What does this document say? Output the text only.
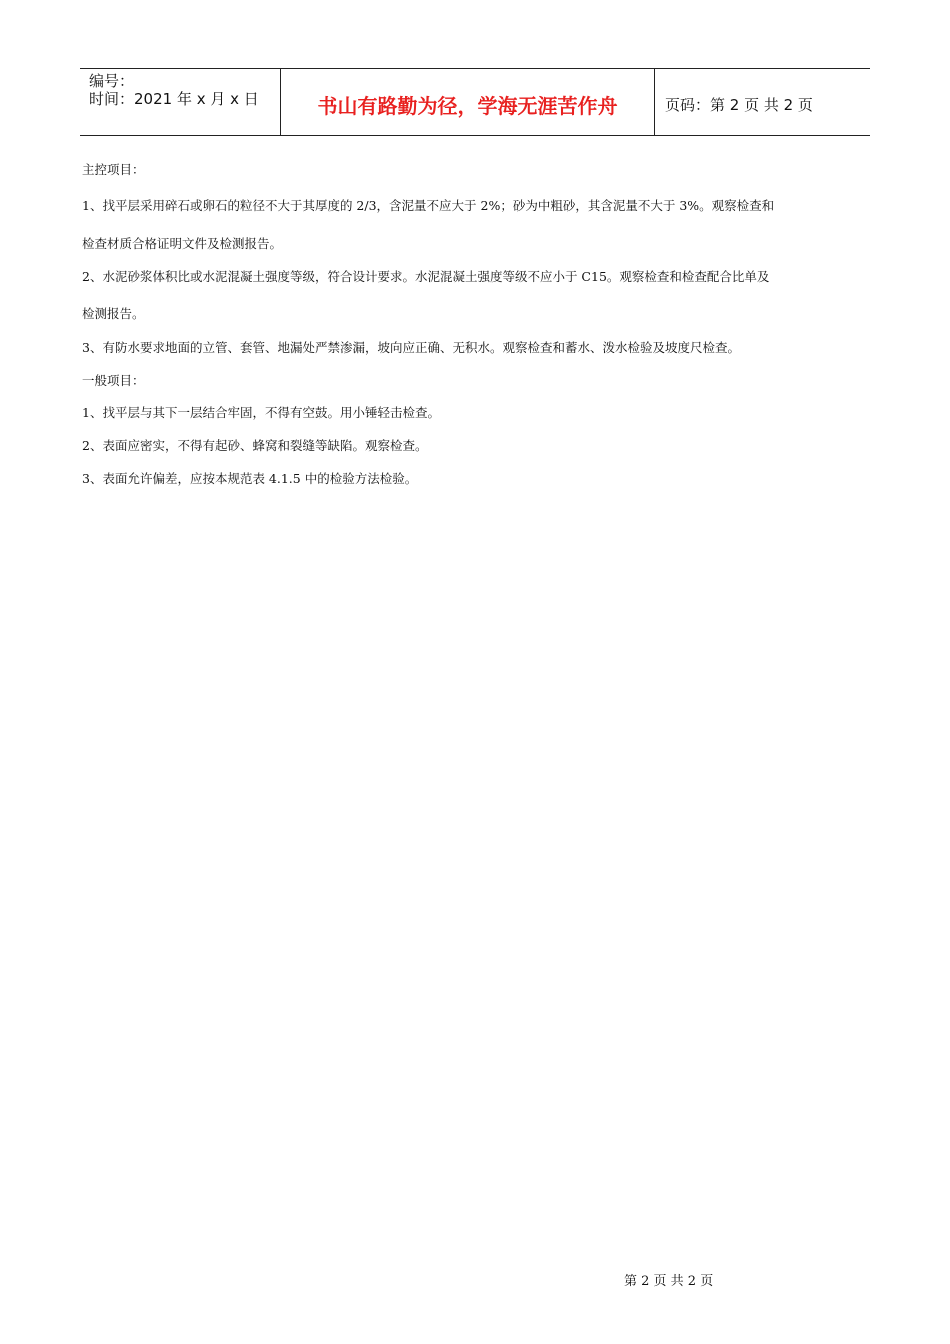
编号：
时间：2021 年 x 月 x 日	书山有路勤为径，学海无涯苦作舟	页码：第 2 页 共 2 页
主控项目：
1、找平层采用碎石或卵石的粒径不大于其厚度的 2/3，含泥量不应大于 2%；砂为中粗砂，其含泥量不大于 3%。观察检查和
检查材质合格证明文件及检测报告。
2、水泥砂浆体积比或水泥混凝土强度等级，符合设计要求。水泥混凝土强度等级不应小于 C15。观察检查和检查配合比单及
检测报告。
3、有防水要求地面的立管、套管、地漏处严禁渗漏，坡向应正确、无积水。观察检查和蓄水、泼水检验及坡度尺检查。
一般项目：
1、找平层与其下一层结合牢固，不得有空鼓。用小锤轻击检查。
2、表面应密实，不得有起砂、蜂窝和裂缝等缺陷。观察检查。
3、表面允许偏差，应按本规范表 4.1.5 中的检验方法检验。
第 2 页 共 2 页
